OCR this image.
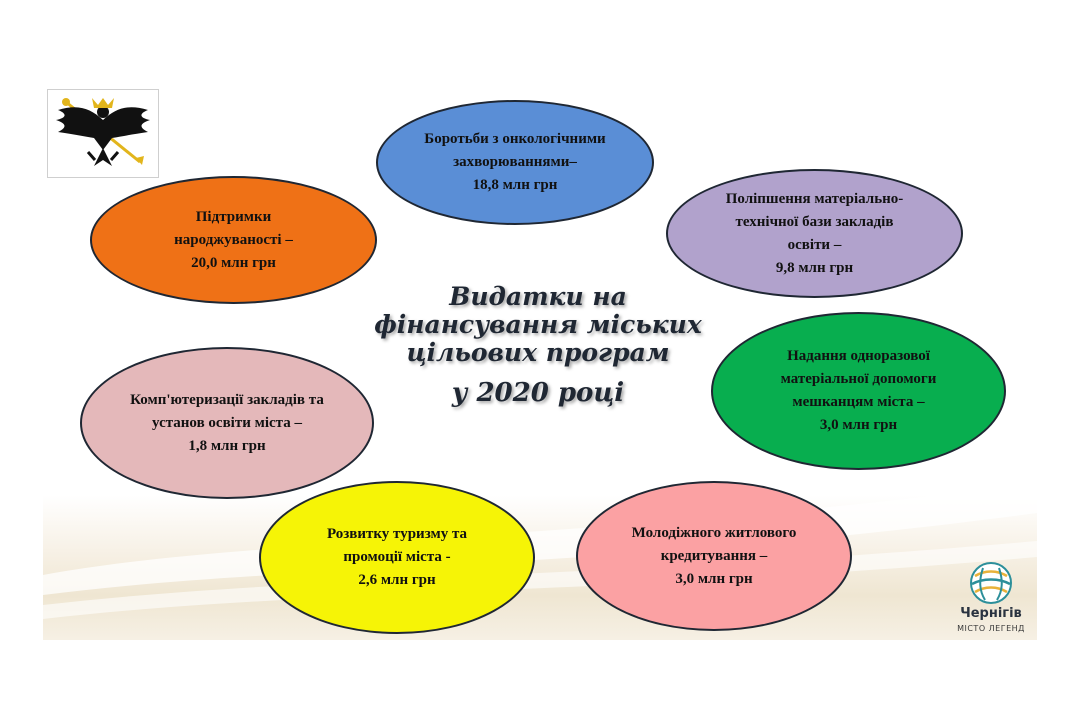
Боротьби з онкологічними
захворюваннями–
18,8 млн грн
Підтримки
народжуваності –
20,0 млн грн
Поліпшення матеріально-
технічної бази закладів
освіти –
9,8 млн грн
Надання одноразової
матеріальної допомоги
мешканцям міста –
3,0 млн грн
Комп'ютеризації закладів та
установ освіти міста –
1,8 млн грн
Розвитку туризму та
промоції міста -
2,6 млн грн
Молодіжного житлового
кредитування –
3,0 млн грн
Видатки на
фінансування міських
цільових програм
у 2020 році
Чернігів
МІСТО ЛЕГЕНД
